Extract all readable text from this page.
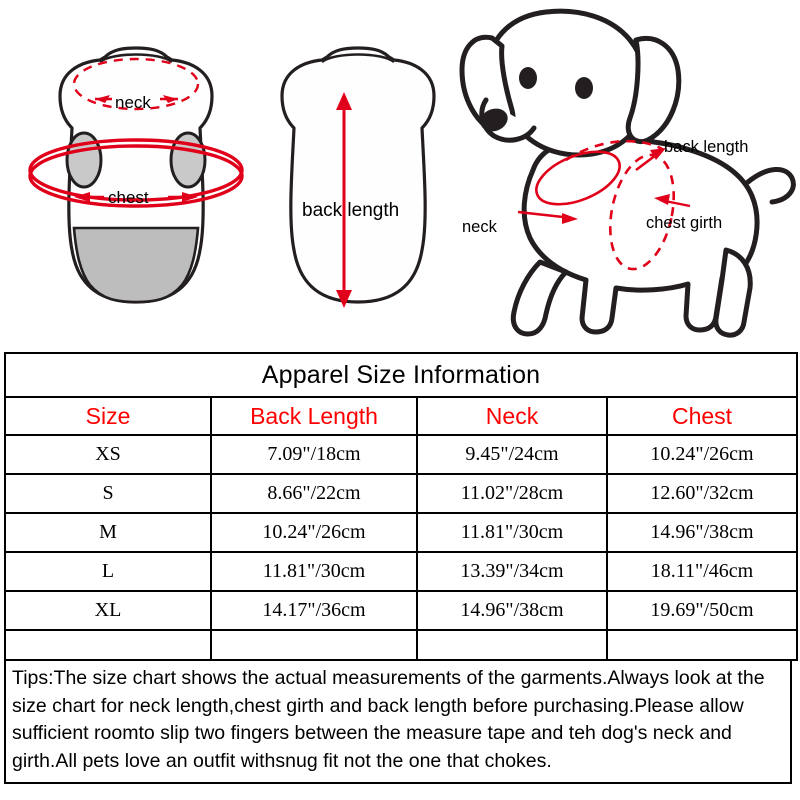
neck
chest
back length
back length
neck	chest girth
Apparel Size Information			
Size	Back Length	Neck	Chest
XS	7.09"/18cm	9.45"/24cm	10.24"/26cm
S	8.66"/22cm	11.02"/28cm	12.60"/32cm
M	10.24"/26cm	11.81"/30cm	14.96"/38cm
L	11.81"/30cm	13.39"/34cm	18.11"/46cm
XL	14.17"/36cm	14.96"/38cm	19.69"/50cm

Tips:The size chart shows the actual measurements of the garments.Always look at the size chart for neck length,chest girth and back length before purchasing.Please allow sufficient roomto slip two fingers between the measure tape and teh dog's neck and girth.All pets love an outfit withsnug fit not the one that chokes.
